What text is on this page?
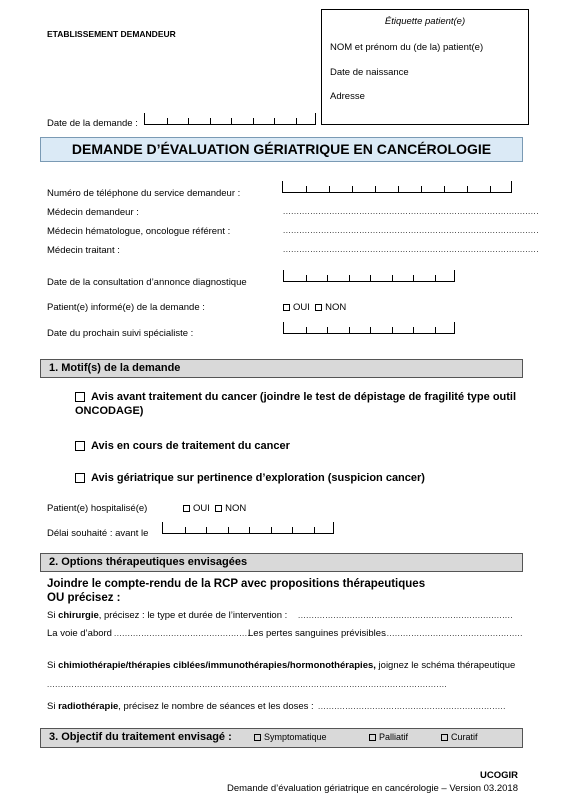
ETABLISSEMENT DEMANDEUR
Date de la demande :
Étiquette patient(e)
NOM et prénom du (de la) patient(e)
Date de naissance
Adresse
DEMANDE D’ÉVALUATION GÉRIATRIQUE EN CANCÉROLOGIE
Numéro de téléphone du service demandeur :
Médecin demandeur :	..............................................................................................
Médecin hématologue, oncologue référent :	..............................................................................................
Médecin traitant :	..............................................................................................
Date de la consultation d’annonce diagnostique
Patient(e) informé(e) de la demande :	OUI NON
Date du prochain suivi spécialiste :
1. Motif(s) de la demande
Avis avant traitement du cancer (joindre le test de dépistage de fragilité type outil ONCODAGE)
Avis en cours de traitement du cancer
Avis gériatrique sur pertinence d’exploration (suspicion cancer)
Patient(e) hospitalisé(e)	OUI NON
Délai souhaité : avant le
2. Options thérapeutiques envisagées
Joindre le compte-rendu de la RCP avec propositions thérapeutiques
OU précisez :
Si chirurgie, précisez : le type et durée de l’intervention : ...............................................................................
La voie d’abord ..................................................
Les pertes sanguines prévisibles
...................................................
Si chimiothérapie/thérapies ciblées/immunothérapies/hormonothérapies, joignez le schéma thérapeutique
...................................................................................................................................................
Si radiothérapie, précisez le nombre de séances et les doses : .....................................................................
3. Objectif du traitement envisagé :	Symptomatique	Palliatif	Curatif
UCOGIR
Demande d’évaluation gériatrique en cancérologie – Version 03.2018
